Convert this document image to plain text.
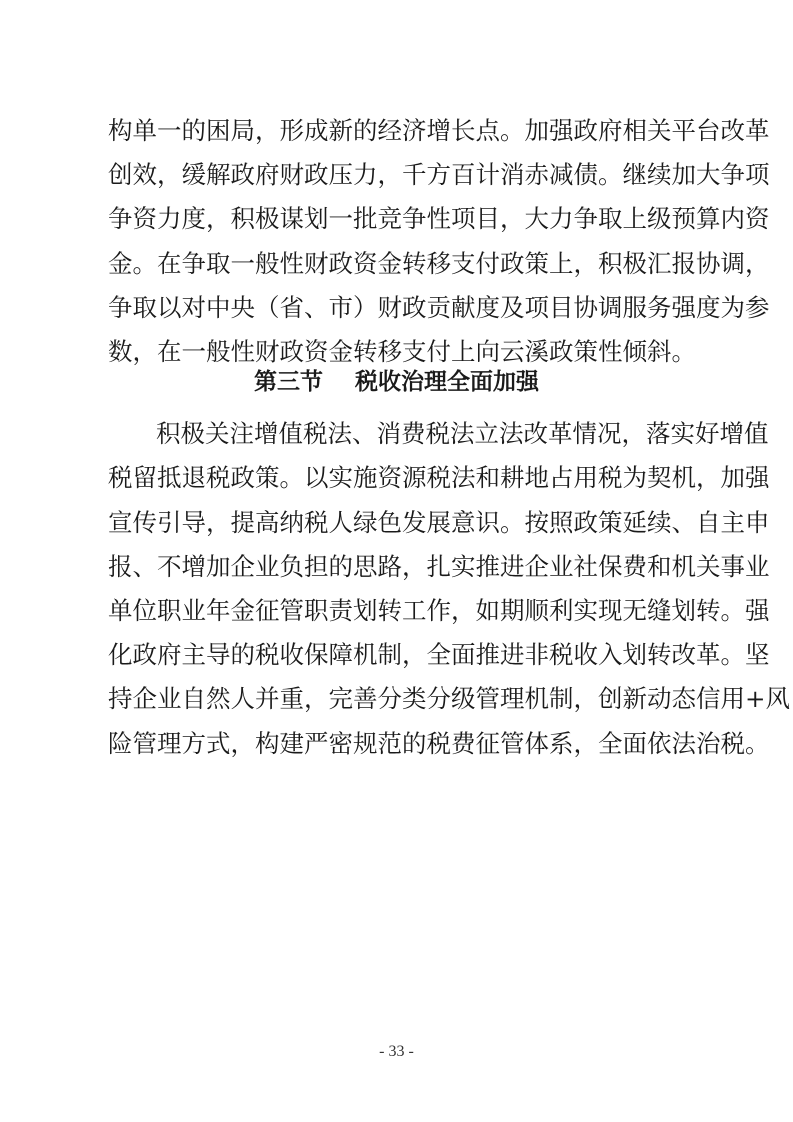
构单一的困局，形成新的经济增长点。加强政府相关平台改革
创效，缓解政府财政压力，千方百计消赤减债。继续加大争项
争资力度，积极谋划一批竞争性项目，大力争取上级预算内资
金。在争取一般性财政资金转移支付政策上，积极汇报协调，
争取以对中央（省、市）财政贡献度及项目协调服务强度为参
数，在一般性财政资金转移支付上向云溪政策性倾斜。
第三节    税收治理全面加强
积极关注增值税法、消费税法立法改革情况，落实好增值
税留抵退税政策。以实施资源税法和耕地占用税为契机，加强
宣传引导，提高纳税人绿色发展意识。按照政策延续、自主申
报、不增加企业负担的思路，扎实推进企业社保费和机关事业
单位职业年金征管职责划转工作，如期顺利实现无缝划转。强
化政府主导的税收保障机制，全面推进非税收入划转改革。坚
持企业自然人并重，完善分类分级管理机制，创新动态信用+风
险管理方式，构建严密规范的税费征管体系，全面依法治税。
- 33 -
